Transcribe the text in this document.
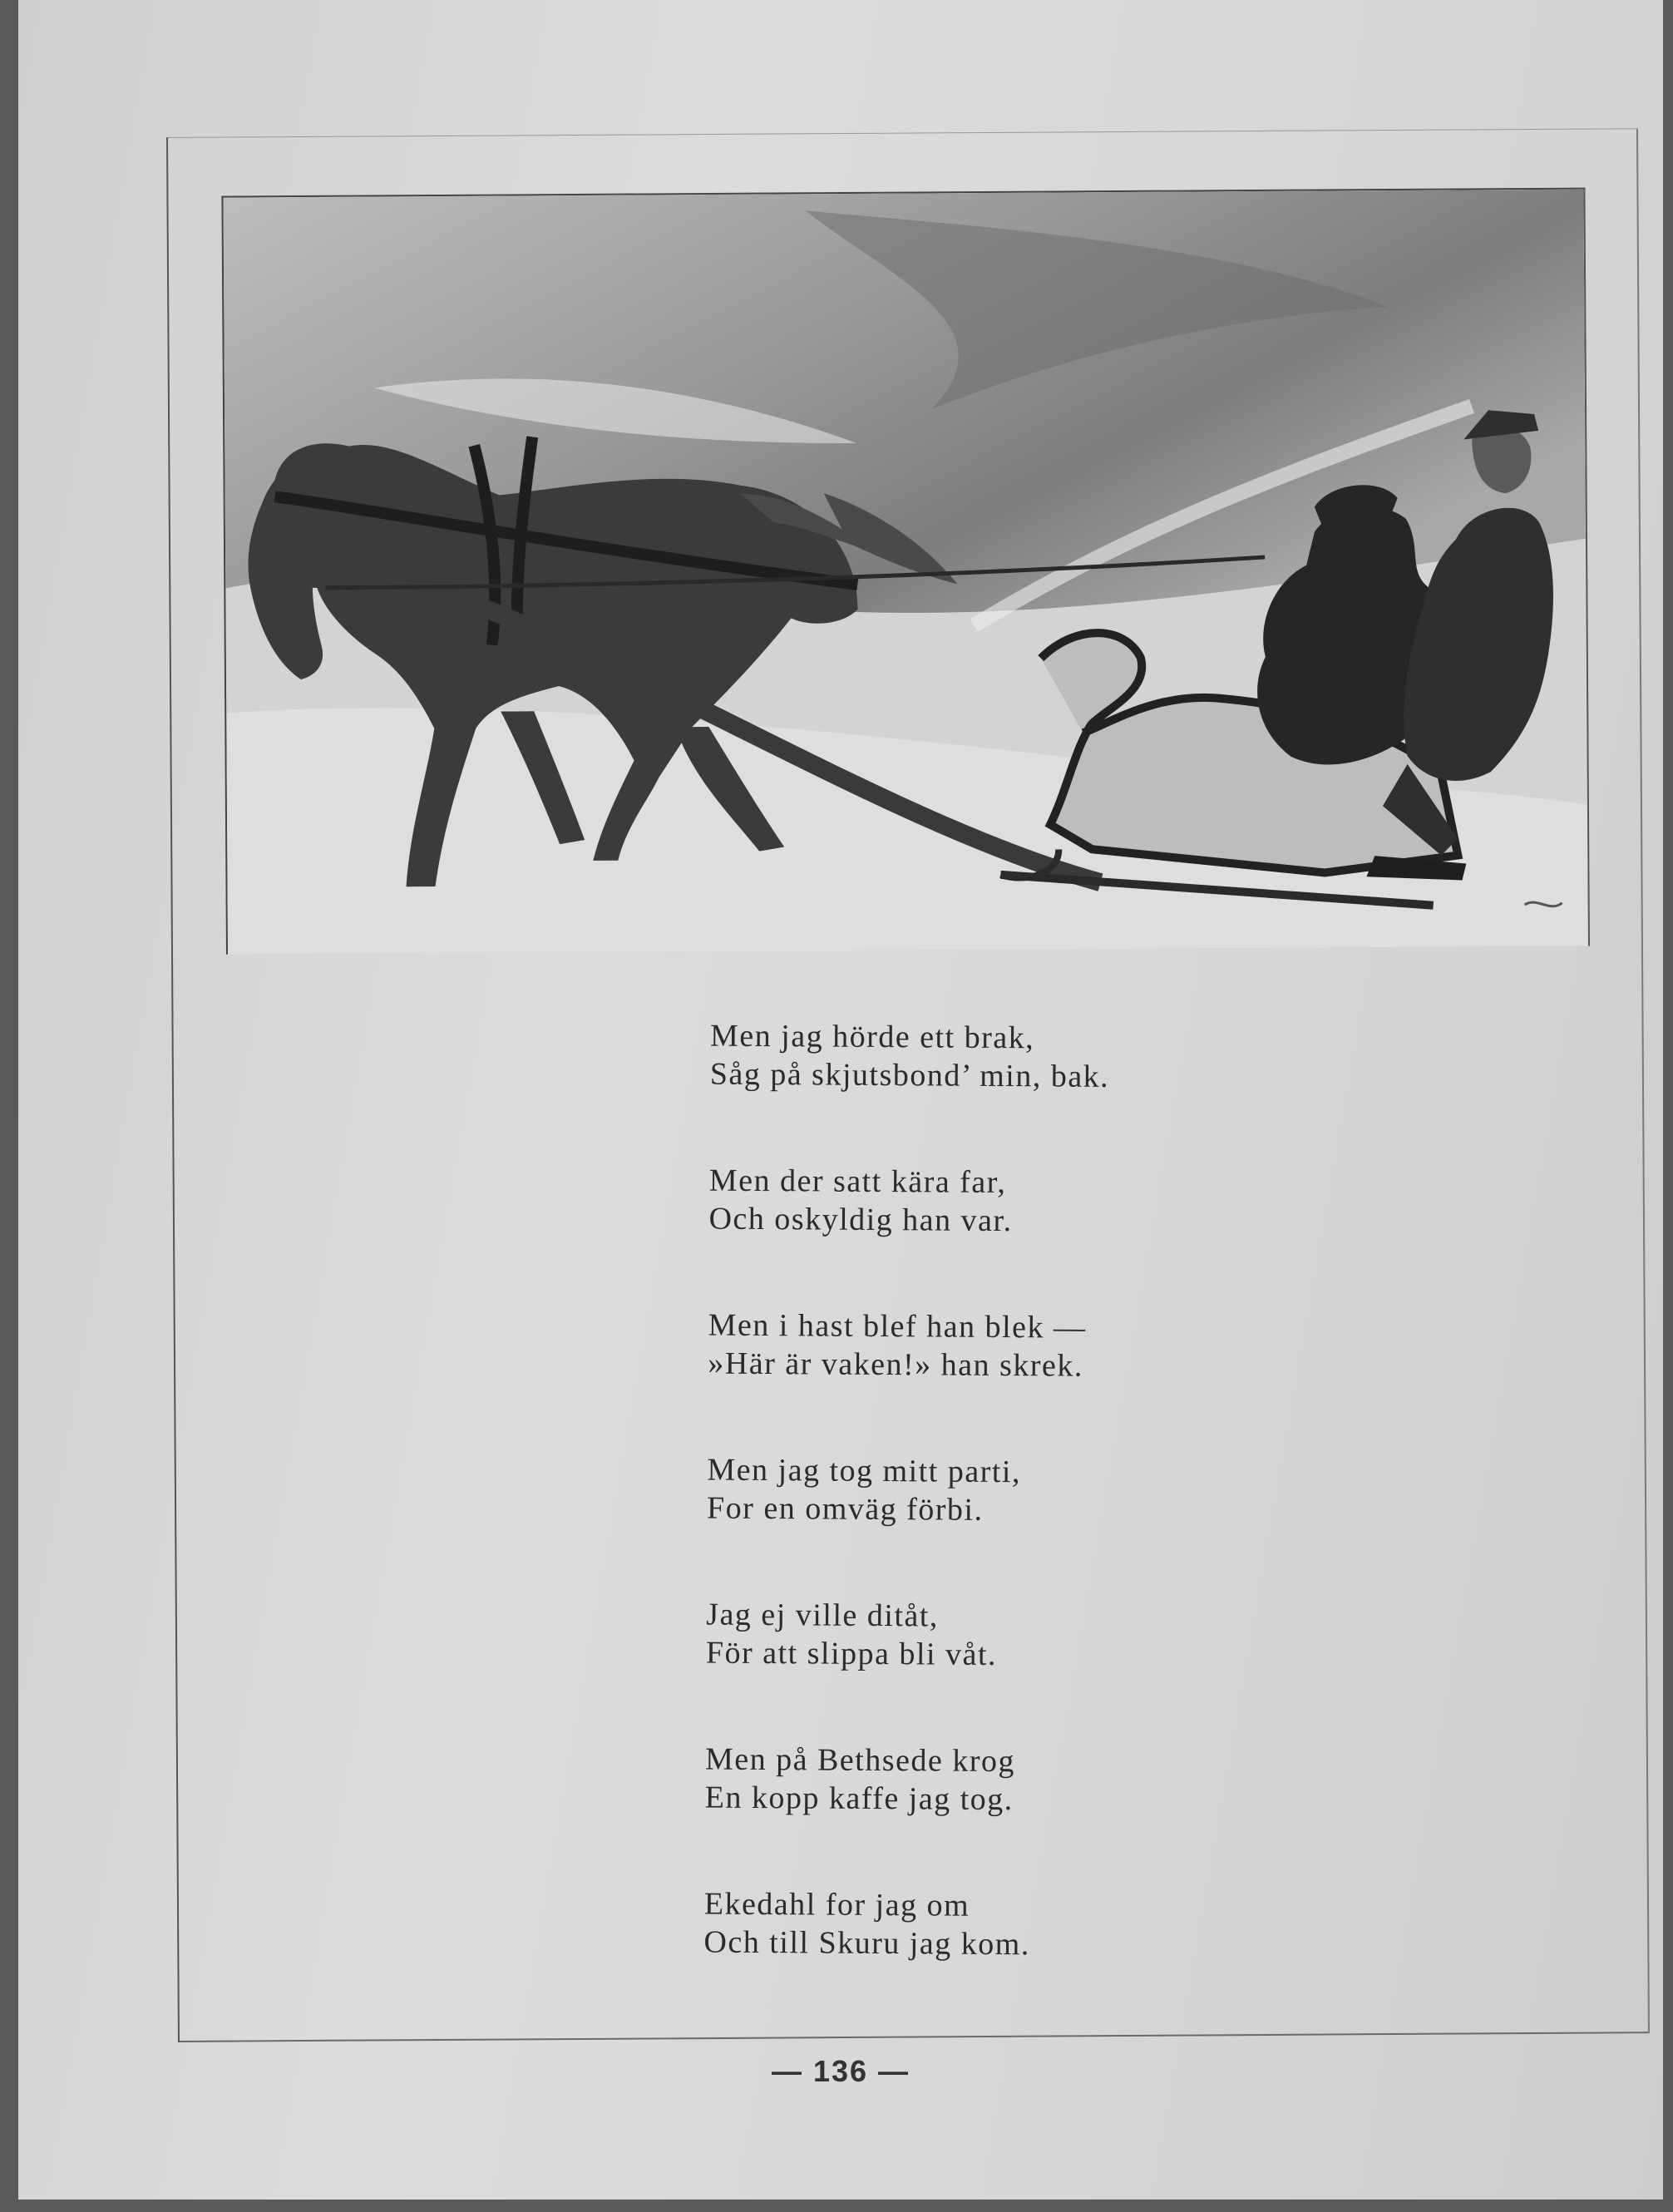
Men jag hörde ett brak,
Såg på skjutsbond’ min, bak.
Men der satt kära far,
Och oskyldig han var.
Men i hast blef han blek —
»Här är vaken!» han skrek.
Men jag tog mitt parti,
For en omväg förbi.
Jag ej ville ditåt,
För att slippa bli våt.
Men på Bethsede krog
En kopp kaffe jag tog.
Ekedahl for jag om
Och till Skuru jag kom.
— 136 —
